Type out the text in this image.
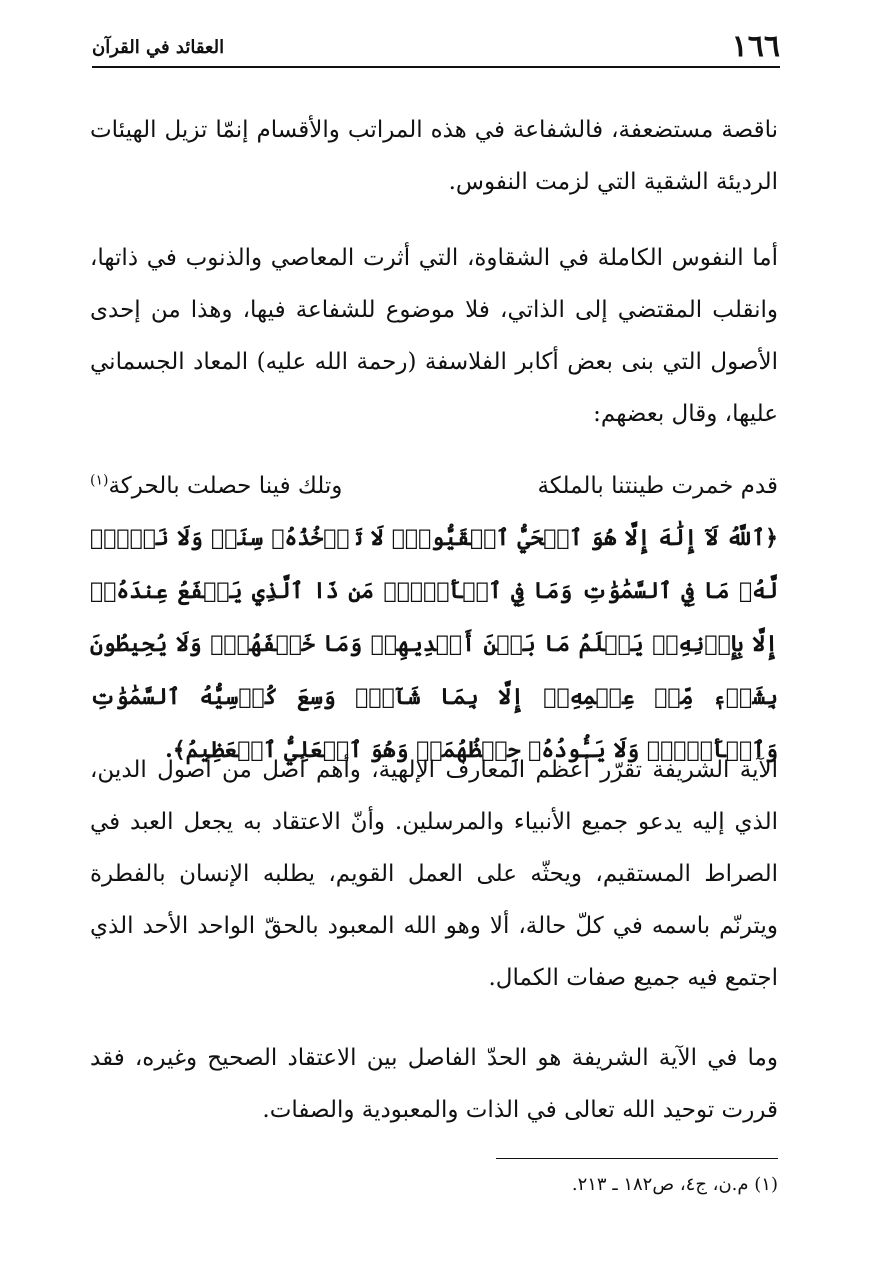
١٦٦
العقائد في القرآن

ناقصة مستضعفة، فالشفاعة في هذه المراتب والأقسام إنمّا تزيل الهيئات الرديئة الشقية التي لزمت النفوس.

أما النفوس الكاملة في الشقاوة، التي أثرت المعاصي والذنوب في ذاتها، وانقلب المقتضي إلى الذاتي، فلا موضوع للشفاعة فيها، وهذا من إحدى الأصول التي بنى بعض أكابر الفلاسفة (رحمة الله عليه) المعاد الجسماني عليها، وقال بعضهم:

قدم خمرت طينتنا بالملكة
وتلك فينا حصلت بالحركة$^{(١)}$

﴿ٱللَّهُ لَآ إِلَٰهَ إِلَّا هُوَ ٱلۡحَيُّ ٱلۡقَيُّومُۚ لَا تَأۡخُذُهُۥ سِنَةٞ وَلَا نَوۡمٞۚ لَّهُۥ مَا فِي ٱلسَّمَٰوَٰتِ وَمَا فِي ٱلۡأَرۡضِۗ مَن ذَا ٱلَّذِي يَشۡفَعُ عِندَهُۥٓ إِلَّا بِإِذۡنِهِۦۚ يَعۡلَمُ مَا بَيۡنَ أَيۡدِيهِمۡ وَمَا خَلۡفَهُمۡۖ وَلَا يُحِيطُونَ بِشَيۡءٖ مِّنۡ عِلۡمِهِۦٓ إِلَّا بِمَا شَآءَۚ وَسِعَ كُرۡسِيُّهُ ٱلسَّمَٰوَٰتِ وَٱلۡأَرۡضَۖ وَلَا يَـُٔودُهُۥ حِفۡظُهُمَاۚ وَهُوَ ٱلۡعَلِيُّ ٱلۡعَظِيمُ﴾.

الآية الشريفة تقرّر أعظم المعارف الإلهية، وأهم أصل من أصول الدين، الذي إليه يدعو جميع الأنبياء والمرسلين. وأنّ الاعتقاد به يجعل العبد في الصراط المستقيم، ويحثّه على العمل القويم، يطلبه الإنسان بالفطرة ويترنّم باسمه في كلّ حالة، ألا وهو الله المعبود بالحقّ الواحد الأحد الذي اجتمع فيه جميع صفات الكمال.

وما في الآية الشريفة هو الحدّ الفاصل بين الاعتقاد الصحيح وغيره، فقد قررت توحيد الله تعالى في الذات والمعبودية والصفات.

(١) م.ن، ج٤، ص١٨٢ ـ ٢١٣.
